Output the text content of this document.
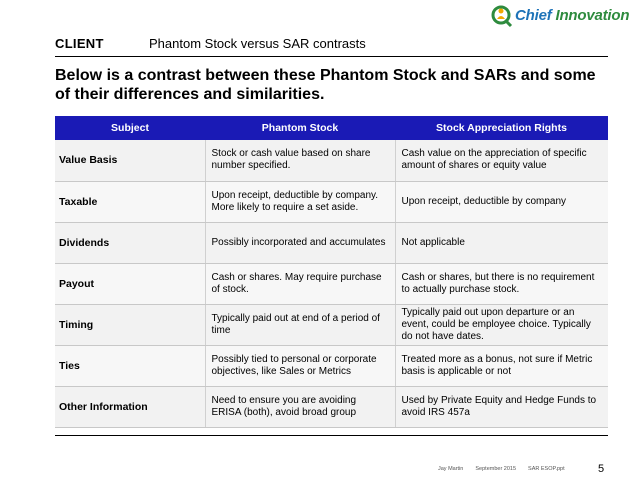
CLIENT	Phantom Stock versus SAR contrasts
Chief Innovation
Below is a contrast between these Phantom Stock and SARs and some of their differences and similarities.
Subject	Phantom Stock	Stock Appreciation Rights
Value Basis	Stock or cash value based on share number specified.	Cash value on the appreciation of specific amount of shares or equity value
Taxable	Upon receipt, deductible by company. More likely to require a set aside.	Upon receipt, deductible by company
Dividends	Possibly incorporated and accumulates	Not applicable
Payout	Cash or shares. May require purchase of stock.	Cash or shares, but there is no requirement to actually purchase stock.
Timing	Typically paid out at end of a period of time	Typically paid out upon departure or an event, could be employee choice. Typically do not have dates.
Ties	Possibly tied to personal or corporate objectives, like Sales or Metrics	Treated more as a bonus, not sure if Metric basis is applicable or not
Other Information	Need to ensure you are avoiding ERISA (both), avoid broad group	Used by Private Equity and Hedge Funds to avoid IRS 457a
Jay Martin September 2015 SAR ESOP.ppt	5
